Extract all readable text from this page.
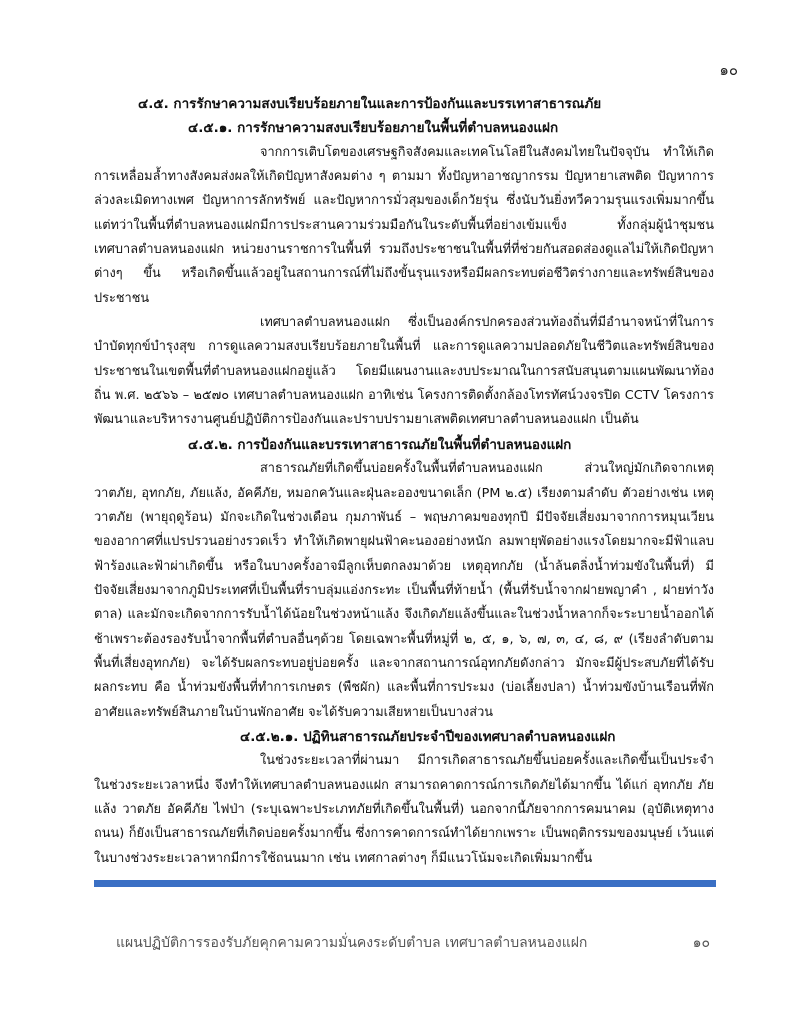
๑๐
๔.๕. การรักษาความสงบเรียบร้อยภายในและการป้องกันและบรรเทาสาธารณภัย
๔.๕.๑. การรักษาความสงบเรียบร้อยภายในพื้นที่ตำบลหนองแฝก

จากการเติบโตของเศรษฐกิจสังคมและเทคโนโลยีในสังคมไทยในปัจจุบัน ทำให้เกิดการเหลื่อมล้ำทางสังคมส่งผลให้เกิดปัญหาสังคมต่าง ๆ ตามมา ทั้งปัญหาอาชญากรรม ปัญหายาเสพติด ปัญหาการล่วงละเมิดทางเพศ ปัญหาการลักทรัพย์ และปัญหาการมั่วสุมของเด็กวัยรุ่น ซึ่งนับวันยิ่งทวีความรุนแรงเพิ่มมากขึ้น แต่ทว่าในพื้นที่ตำบลหนองแฝกมีการประสานความร่วมมือกันในระดับพื้นที่อย่างเข้มแข็ง ทั้งกลุ่มผู้นำชุมชน เทศบาลตำบลหนองแฝก หน่วยงานราชการในพื้นที่ รวมถึงประชาชนในพื้นที่ที่ช่วยกันสอดส่องดูแลไม่ให้เกิดปัญหาต่างๆ ขึ้น หรือเกิดขึ้นแล้วอยู่ในสถานการณ์ที่ไม่ถึงขั้นรุนแรงหรือมีผลกระทบต่อชีวิตร่างกายและทรัพย์สินของประชาชน

เทศบาลตำบลหนองแฝก ซึ่งเป็นองค์กรปกครองส่วนท้องถิ่นที่มีอำนาจหน้าที่ในการบำบัดทุกข์บำรุงสุข การดูแลความสงบเรียบร้อยภายในพื้นที่ และการดูแลความปลอดภัยในชีวิตและทรัพย์สินของประชาชนในเขตพื้นที่ตำบลหนองแฝกอยู่แล้ว โดยมีแผนงานและงบประมาณในการสนับสนุนตามแผนพัฒนาท้องถิ่น พ.ศ. ๒๕๖๖ – ๒๕๗๐ เทศบาลตำบลหนองแฝก อาทิเช่น โครงการติดตั้งกล้องโทรทัศน์วงจรปิด CCTV โครงการพัฒนาและบริหารงานศูนย์ปฏิบัติการป้องกันและปราบปรามยาเสพติดเทศบาลตำบลหนองแฝก เป็นต้น

๔.๕.๒. การป้องกันและบรรเทาสาธารณภัยในพื้นที่ตำบลหนองแฝก

สาธารณภัยที่เกิดขึ้นบ่อยครั้งในพื้นที่ตำบลหนองแฝก ส่วนใหญ่มักเกิดจากเหตุวาตภัย, อุทกภัย, ภัยแล้ง, อัคคีภัย, หมอกควันและฝุ่นละอองขนาดเล็ก (PM ๒.๕) เรียงตามลำดับ ตัวอย่างเช่น เหตุวาตภัย (พายุฤดูร้อน) มักจะเกิดในช่วงเดือน กุมภาพันธ์ – พฤษภาคมของทุกปี มีปัจจัยเสี่ยงมาจากการหมุนเวียนของอากาศที่แปรปรวนอย่างรวดเร็ว ทำให้เกิดพายุฝนฟ้าคะนองอย่างหนัก ลมพายุพัดอย่างแรงโดยมากจะมีฟ้าแลบฟ้าร้องและฟ้าผ่าเกิดขึ้น หรือในบางครั้งอาจมีลูกเห็บตกลงมาด้วย เหตุอุทกภัย (น้ำล้นตลิ่งน้ำท่วมขังในพื้นที่) มีปัจจัยเสี่ยงมาจากภูมิประเทศที่เป็นพื้นที่ราบลุ่มแอ่งกระทะ เป็นพื้นที่ท้ายน้ำ (พื้นที่รับน้ำจากฝายพญาคำ , ฝายท่าวังตาล) และมักจะเกิดจากการรับน้ำได้น้อยในช่วงหน้าแล้ง จึงเกิดภัยแล้งขึ้นและในช่วงน้ำหลากก็จะระบายน้ำออกได้ช้าเพราะต้องรองรับน้ำจากพื้นที่ตำบลอื่นๆด้วย โดยเฉพาะพื้นที่หมู่ที่ ๒, ๕, ๑, ๖, ๗, ๓, ๔, ๘, ๙ (เรียงลำดับตามพื้นที่เสี่ยงอุทกภัย) จะได้รับผลกระทบอยู่บ่อยครั้ง และจากสถานการณ์อุทกภัยดังกล่าว มักจะมีผู้ประสบภัยที่ได้รับผลกระทบ คือ น้ำท่วมขังพื้นที่ทำการเกษตร (พืชผัก) และพื้นที่การประมง (บ่อเลี้ยงปลา) น้ำท่วมขังบ้านเรือนที่พักอาศัยและทรัพย์สินภายในบ้านพักอาศัย จะได้รับความเสียหายเป็นบางส่วน

๔.๕.๒.๑. ปฏิทินสาธารณภัยประจำปีของเทศบาลตำบลหนองแฝก

ในช่วงระยะเวลาที่ผ่านมา มีการเกิดสาธารณภัยขึ้นบ่อยครั้งและเกิดขึ้นเป็นประจำในช่วงระยะเวลาหนึ่ง จึงทำให้เทศบาลตำบลหนองแฝก สามารถคาดการณ์การเกิดภัยได้มากขึ้น ได้แก่ อุทกภัย ภัยแล้ง วาตภัย อัคคีภัย ไฟป่า (ระบุเฉพาะประเภทภัยที่เกิดขึ้นในพื้นที่) นอกจากนี้ภัยจากการคมนาคม (อุบัติเหตุทางถนน) ก็ยังเป็นสาธารณภัยที่เกิดบ่อยครั้งมากขึ้น ซึ่งการคาดการณ์ทำได้ยากเพราะ เป็นพฤติกรรมของมนุษย์ เว้นแต่ในบางช่วงระยะเวลาหากมีการใช้ถนนมาก เช่น เทศกาลต่างๆ ก็มีแนวโน้มจะเกิดเพิ่มมากขึ้น

แผนปฏิบัติการรองรับภัยคุกคามความมั่นคงระดับตำบล เทศบาลตำบลหนองแฝก	๑๐
